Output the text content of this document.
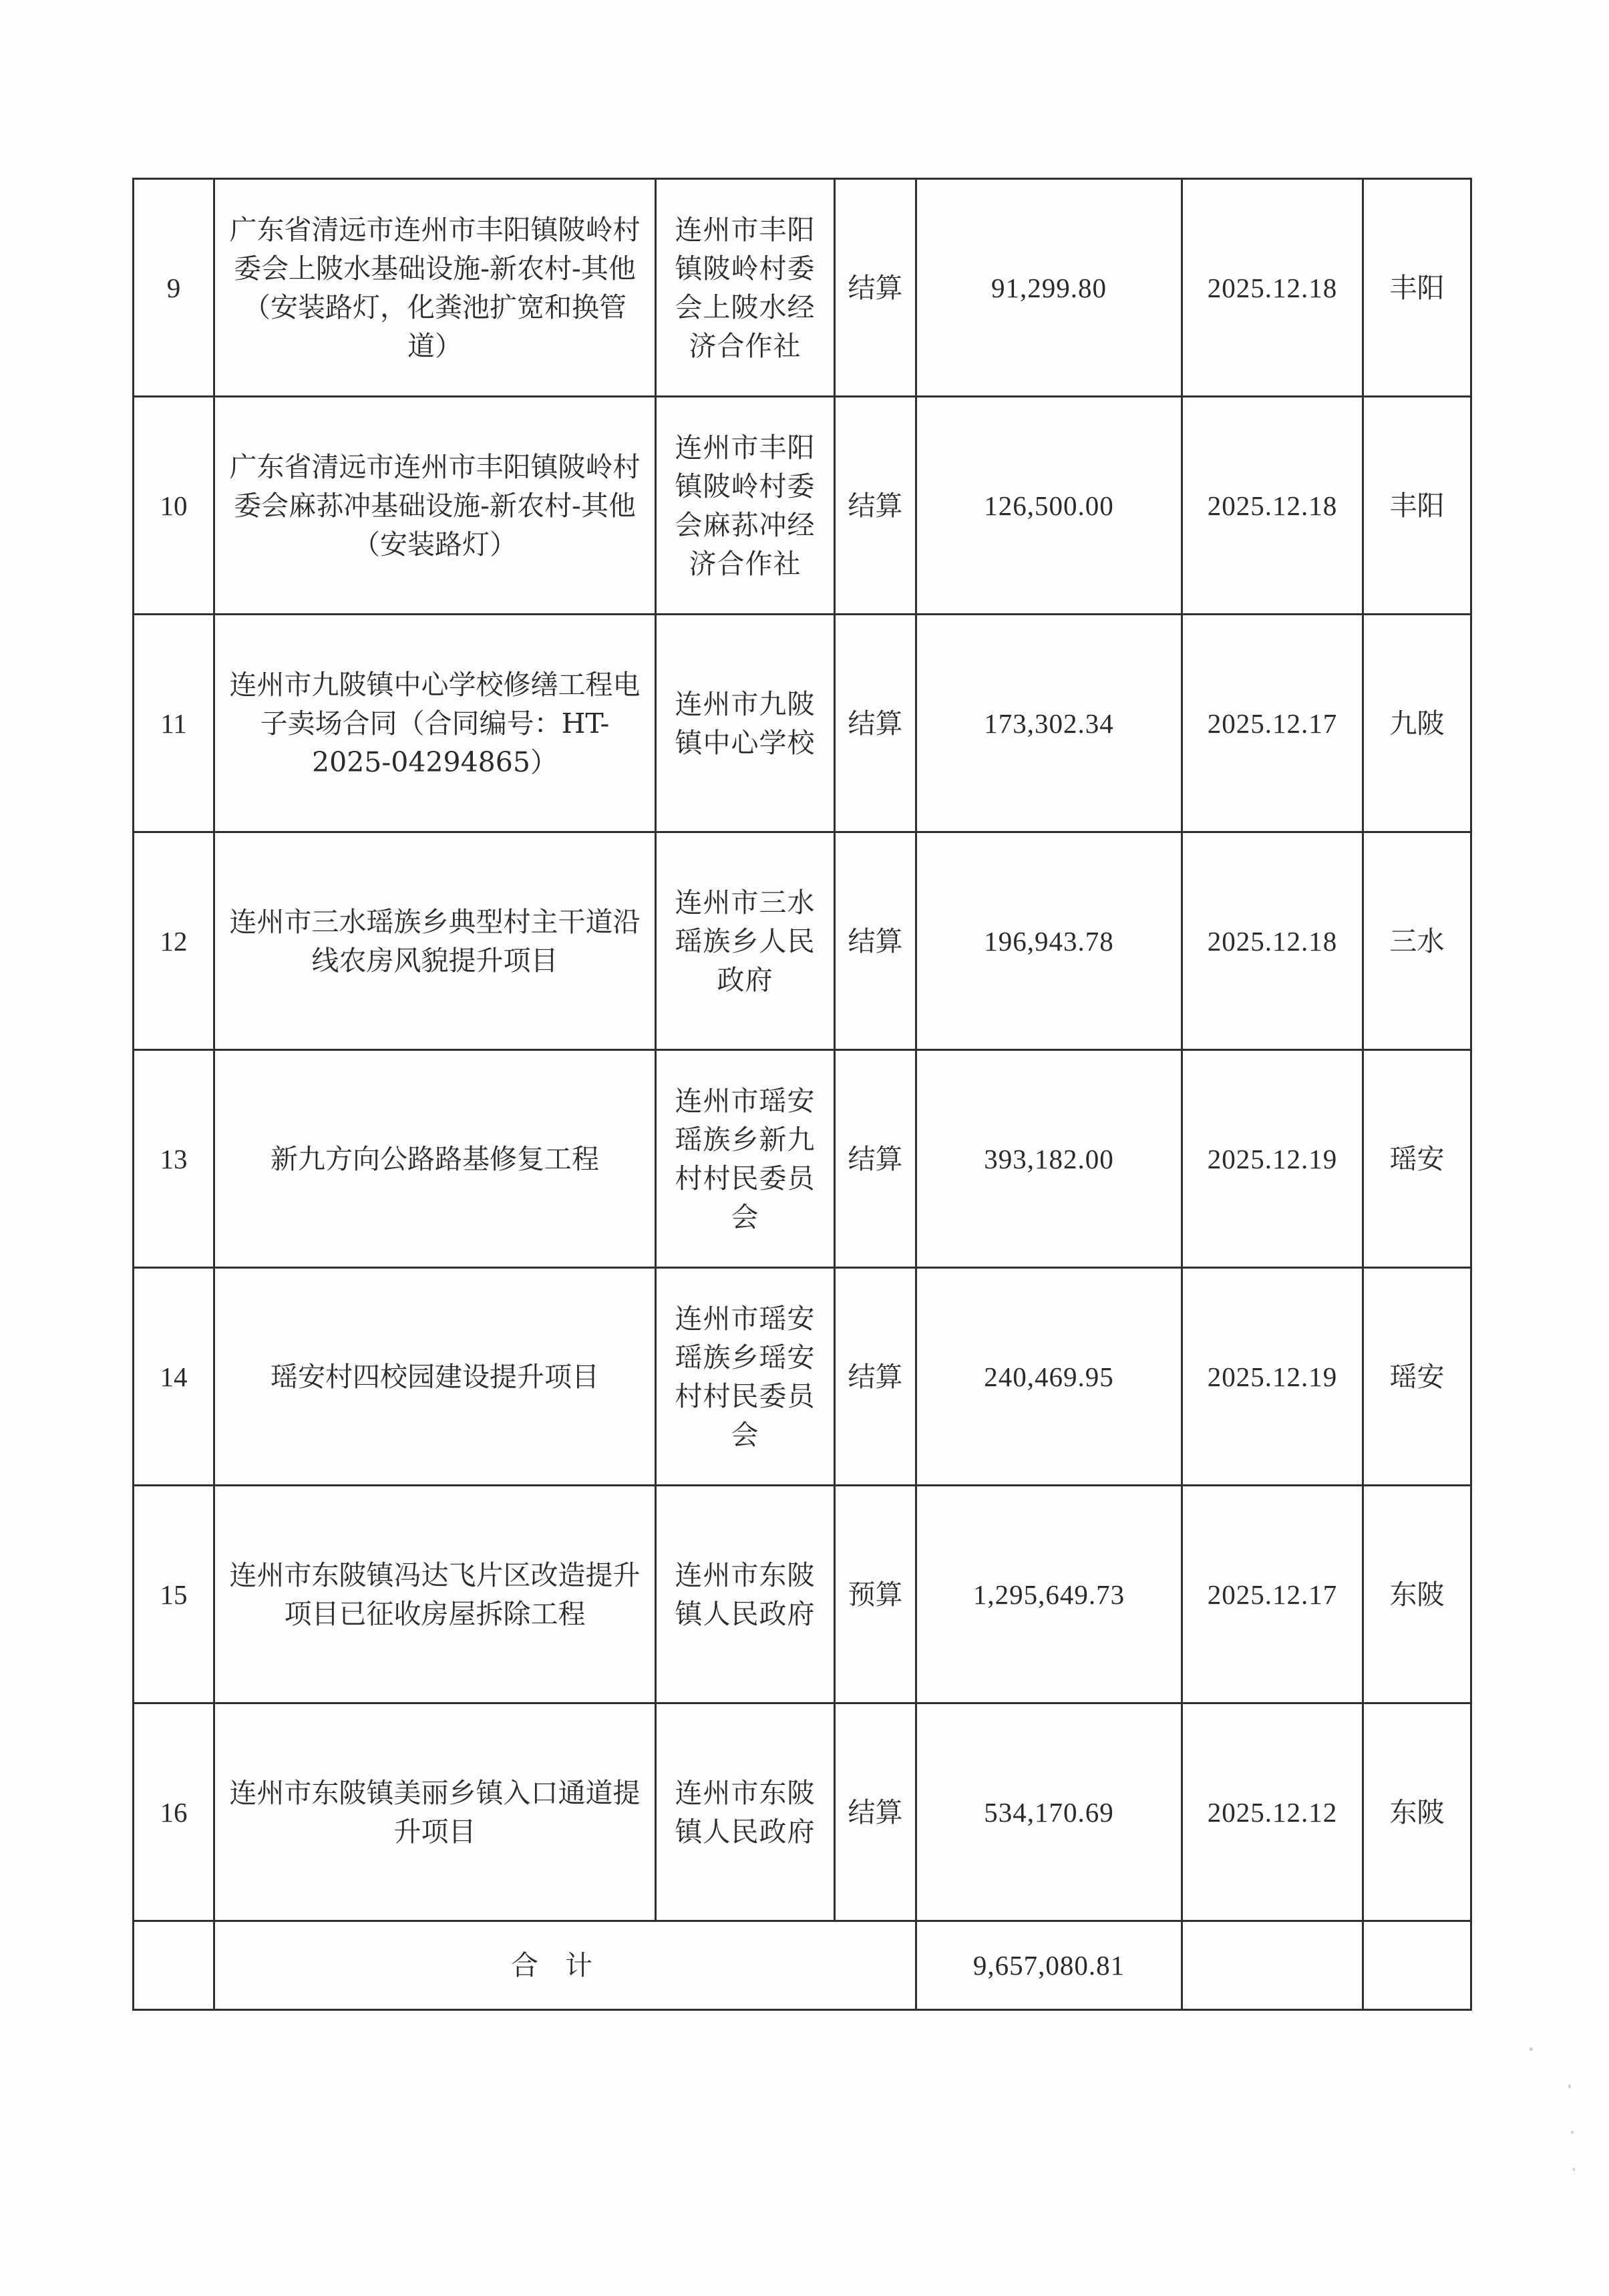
9	广东省清远市连州市丰阳镇陂岭村委会上陂水基础设施-新农村-其他（安装路灯，化粪池扩宽和换管道）	连州市丰阳镇陂岭村委会上陂水经济合作社	结算	91,299.80	2025.12.18	丰阳
10	广东省清远市连州市丰阳镇陂岭村委会麻荪冲基础设施-新农村-其他（安装路灯）	连州市丰阳镇陂岭村委会麻荪冲经济合作社	结算	126,500.00	2025.12.18	丰阳
11	连州市九陂镇中心学校修缮工程电子卖场合同（合同编号：HT-2025-04294865）	连州市九陂镇中心学校	结算	173,302.34	2025.12.17	九陂
12	连州市三水瑶族乡典型村主干道沿线农房风貌提升项目	连州市三水瑶族乡人民政府	结算	196,943.78	2025.12.18	三水
13	新九方向公路路基修复工程	连州市瑶安瑶族乡新九村村民委员会	结算	393,182.00	2025.12.19	瑶安
14	瑶安村四校园建设提升项目	连州市瑶安瑶族乡瑶安村村民委员会	结算	240,469.95	2025.12.19	瑶安
15	连州市东陂镇冯达飞片区改造提升项目已征收房屋拆除工程	连州市东陂镇人民政府	预算	1,295,649.73	2025.12.17	东陂
16	连州市东陂镇美丽乡镇入口通道提升项目	连州市东陂镇人民政府	结算	534,170.69	2025.12.12	东陂
	合计			9,657,080.81		
